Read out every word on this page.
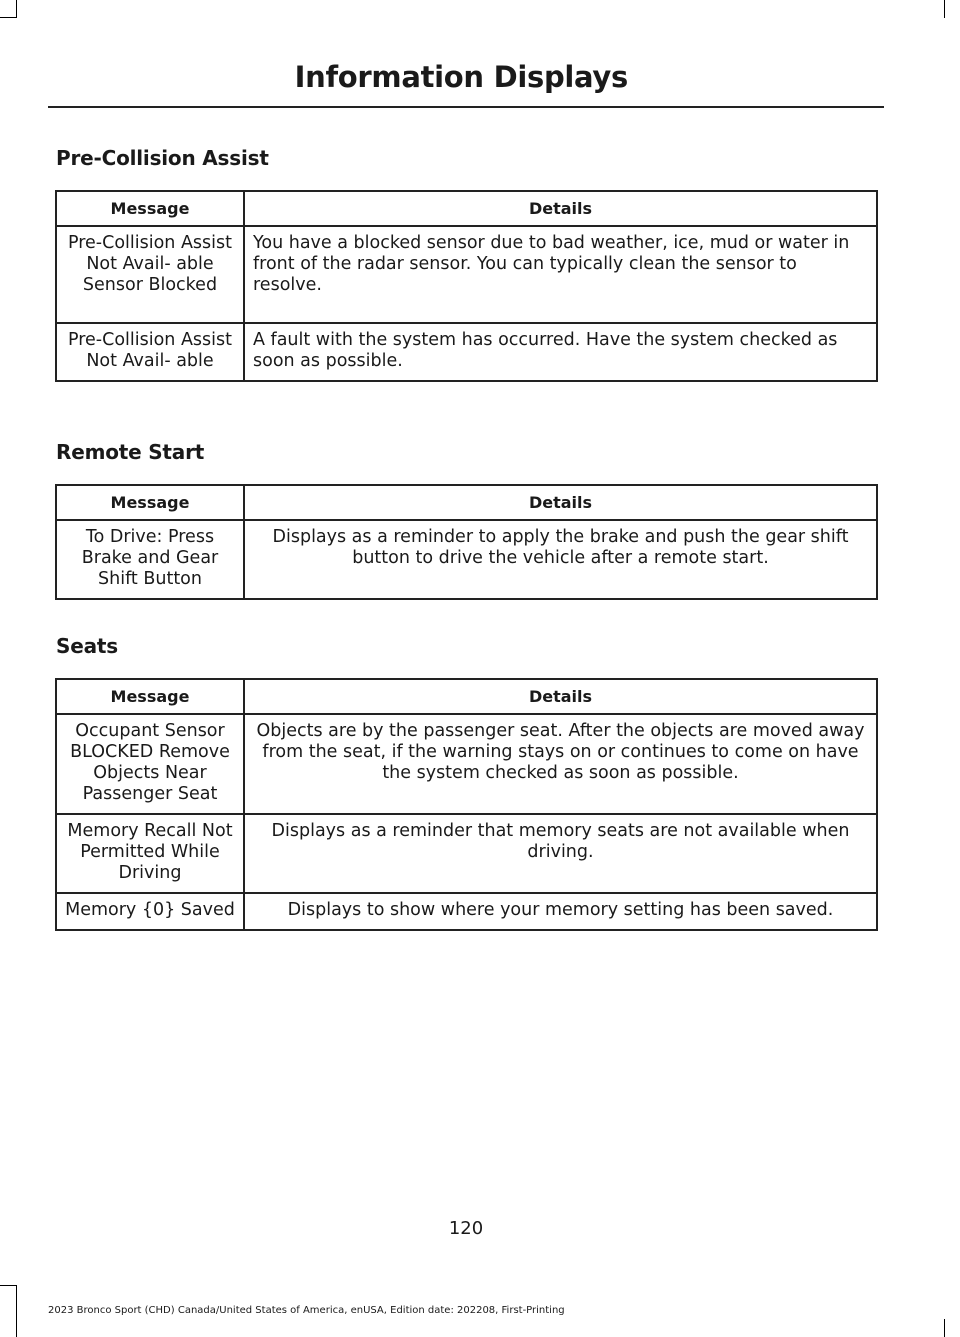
Information Displays
Pre-Collision Assist
Message	Details
Pre-Collision Assist Not Avail- able Sensor Blocked	You have a blocked sensor due to bad weather, ice, mud or water in front of the radar sensor. You can typically clean the sensor to resolve.
Pre-Collision Assist Not Avail- able	A fault with the system has occurred. Have the system checked as soon as possible.
Remote Start
Message	Details
To Drive: Press Brake and Gear Shift Button	Displays as a reminder to apply the brake and push the gear shift button to drive the vehicle after a remote start.
Seats
Message	Details
Occupant Sensor BLOCKED Remove Objects Near Passenger Seat	Objects are by the passenger seat. After the objects are moved away from the seat, if the warning stays on or continues to come on have the system checked as soon as possible.
Memory Recall Not Permitted While Driving	Displays as a reminder that memory seats are not available when driving.
Memory {0} Saved	Displays to show where your memory setting has been saved.
120
2023 Bronco Sport (CHD) Canada/United States of America, enUSA, Edition date: 202208, First-Printing
